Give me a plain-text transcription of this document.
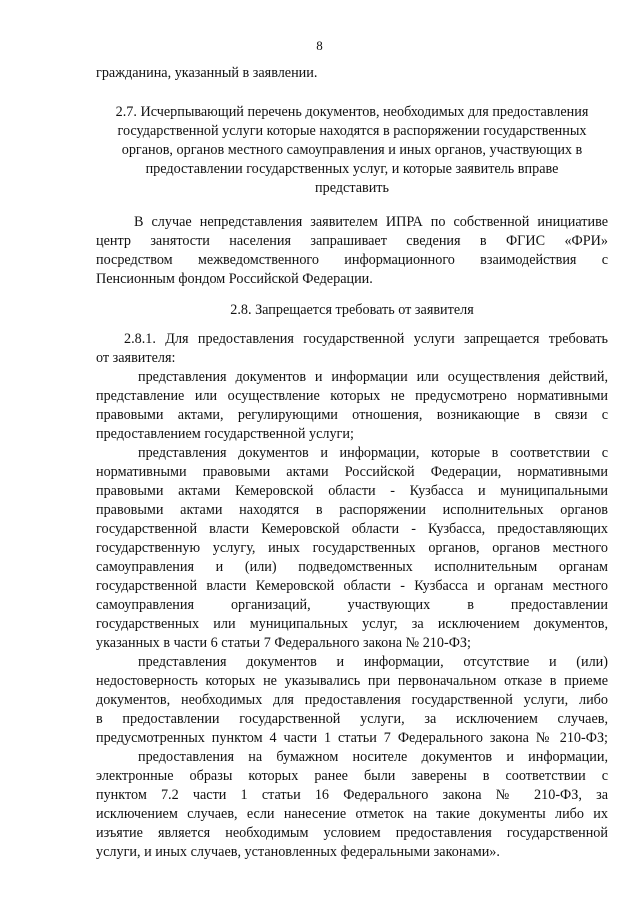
8
гражданина, указанный в заявлении.
2.7. Исчерпывающий перечень документов, необходимых для предоставления
государственной услуги которые находятся в распоряжении государственных
органов, органов местного самоуправления и иных органов, участвующих в
предоставлении государственных услуг, и которые заявитель вправе
представить
В случае непредставления заявителем ИПРА по собственной инициативе
центр занятости населения запрашивает сведения в ФГИС «ФРИ»
посредством межведомственного информационного взаимодействия с
Пенсионным фондом Российской Федерации.
2.8. Запрещается требовать от заявителя
2.8.1. Для предоставления государственной услуги запрещается требовать
от заявителя:
представления документов и информации или осуществления действий,
представление или осуществление которых не предусмотрено нормативными
правовыми актами, регулирующими отношения, возникающие в связи с
предоставлением государственной услуги;
представления документов и информации, которые в соответствии с
нормативными правовыми актами Российской Федерации, нормативными
правовыми актами Кемеровской области - Кузбасса и муниципальными
правовыми актами находятся в распоряжении исполнительных органов
государственной власти Кемеровской области - Кузбасса, предоставляющих
государственную услугу, иных государственных органов, органов местного
самоуправления и (или) подведомственных исполнительным органам
государственной власти Кемеровской области - Кузбасса и органам местного
самоуправления организаций, участвующих в предоставлении
государственных или муниципальных услуг, за исключением документов,
указанных в части 6 статьи 7 Федерального закона № 210-ФЗ;
представления документов и информации, отсутствие и (или)
недостоверность которых не указывались при первоначальном отказе в приеме
документов, необходимых для предоставления государственной услуги, либо
в предоставлении государственной услуги, за исключением случаев,
предусмотренных пунктом 4 части 1 статьи 7 Федерального закона № 210-ФЗ;
предоставления на бумажном носителе документов и информации,
электронные образы которых ранее были заверены в соответствии с
пунктом 7.2 части 1 статьи 16 Федерального закона № 210-ФЗ, за
исключением случаев, если нанесение отметок на такие документы либо их
изъятие является необходимым условием предоставления государственной
услуги, и иных случаев, установленных федеральными законами».
